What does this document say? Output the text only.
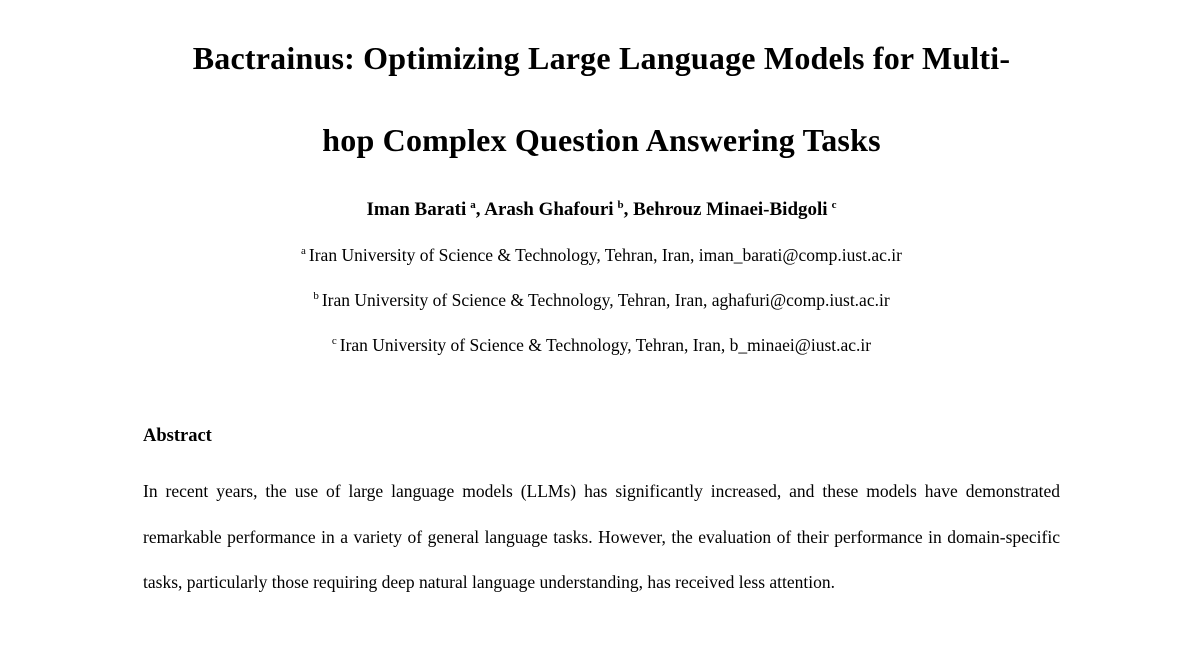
Bactrainus: Optimizing Large Language Models for Multi-
hop Complex Question Answering Tasks
Iman Barati $^a$, Arash Ghafouri $^b$, Behrouz Minaei-Bidgoli $^c$
$^a$ Iran University of Science & Technology, Tehran, Iran, iman_barati@comp.iust.ac.ir
$^b$ Iran University of Science & Technology, Tehran, Iran, aghafuri@comp.iust.ac.ir
$^c$ Iran University of Science & Technology, Tehran, Iran, b_minaei@iust.ac.ir
Abstract

In recent years, the use of large language models (LLMs) has significantly increased, and these models have demonstrated remarkable performance in a variety of general language tasks. However, the evaluation of their performance in domain-specific tasks, particularly those requiring deep natural language understanding, has received less attention.
